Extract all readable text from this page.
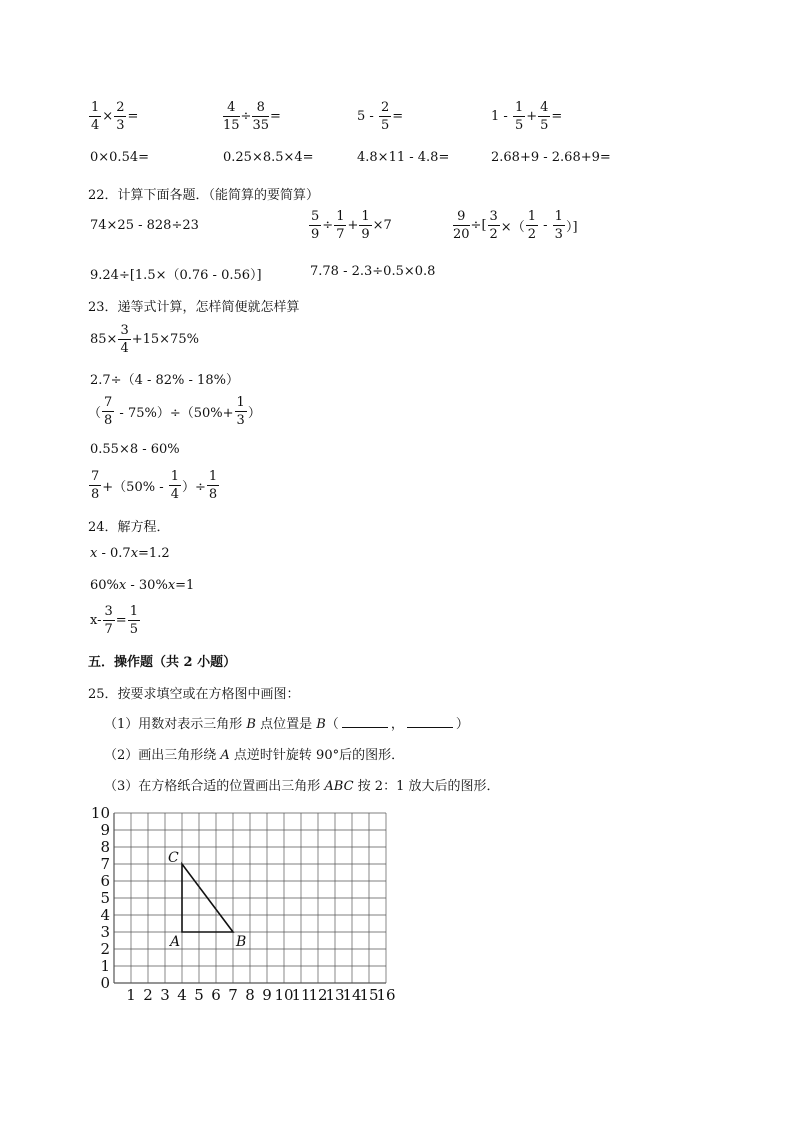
$\frac{1}{4} \times \frac{2}{3}$ =	$\frac{4}{15} \div \frac{8}{35}$ =	$5 - \frac{2}{5}$ =	$1 - \frac{1}{5} + \frac{4}{5}$ =
0×0.54=	0.25×8.5×4=	4.8×11 - 4.8=	2.68+9 - 2.68+9=
22．计算下面各题．（能简算的要简算）
74×25 - 828÷23	$\frac{5}{9} \div \frac{1}{7} + \frac{1}{9} \times 7$	$\frac{9}{20}$ ÷[ $\frac{3}{2}$ ×（ $\frac{1}{2} - \frac{1}{3}$ ）]
9.24÷[1.5×（0.76 - 0.56）]	7.78 - 2.3÷0.5×0.8
23．递等式计算，怎样简便就怎样算
$85\times \frac{3}{4} +15\times 75\%$
2.7÷（4 - 82% - 18%）
（ $\frac{7}{8} - 75\%)\div(50\%+ \frac{1}{3}$ ）
0.55×8 - 60%
$\frac{7}{8} +(50\% - \frac{1}{4}$ ）÷ $\frac{1}{8}$
24．解方程．
x - 0.7x=1.2
60%x - 30%x=1
$x- \frac{3}{7} = \frac{1}{5}$
五．操作题（共 2 小题）
25．按要求填空或在方格图中画图：
（1）用数对表示三角形 B 点位置是 B（	，	）
（2）画出三角形绕 A 点逆时针旋转 90°后的图形．
（3）在方格纸合适的位置画出三角形 ABC 按 2：1 放大后的图形．
1 2 3 4 5 6 7 8 9 10
11
12
13
14
15
16
0
1
2
3
4
5
6
7
8
9
10
A	B
C
